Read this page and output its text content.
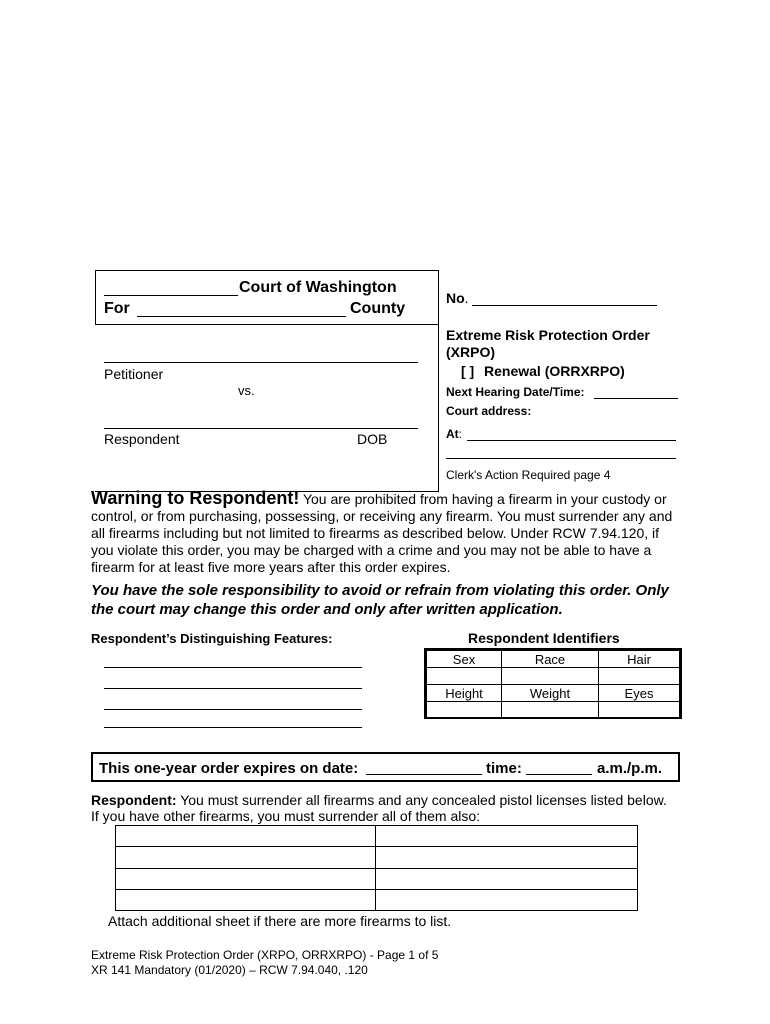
Court of Washington
For	County
Petitioner
vs.
Respondent	DOB
No.
Extreme Risk Protection Order
(XRPO)
[ ] Renewal (ORRXRPO)
Next Hearing Date/Time:
Court address:
At:
Clerk's Action Required page 4
Warning to Respondent! You are prohibited from having a firearm in your custody or
control, or from purchasing, possessing, or receiving any firearm. You must surrender any and
all firearms including but not limited to firearms as described below. Under RCW 7.94.120, if
you violate this order, you may be charged with a crime and you may not be able to have a
firearm for at least five more years after this order expires.
You have the sole responsibility to avoid or refrain from violating this order. Only
the court may change this order and only after written application.
Respondent’s Distinguishing Features:	Respondent Identifiers
Sex	Race	Hair

Height	Weight	Eyes

This one-year order expires on date:	time:	a.m./p.m.
Respondent: You must surrender all firearms and any concealed pistol licenses listed below.
If you have other firearms, you must surrender all of them also:

Attach additional sheet if there are more firearms to list.
Extreme Risk Protection Order (XRPO, ORRXRPO) - Page 1 of 5
XR 141 Mandatory (01/2020) – RCW 7.94.040, .120
